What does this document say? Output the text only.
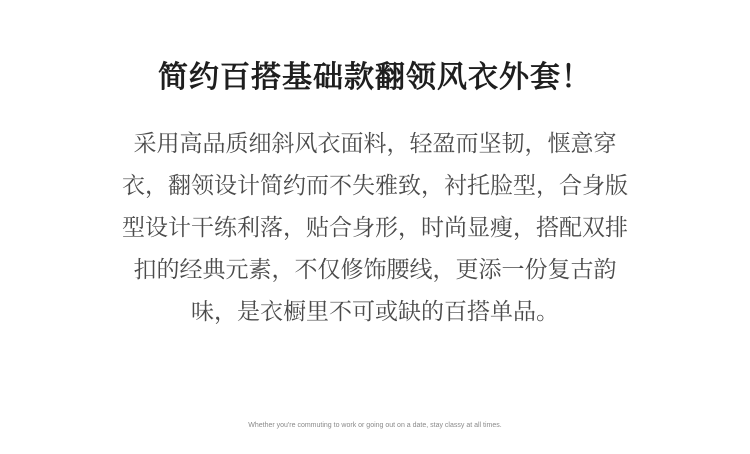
简约百搭基础款翻领风衣外套！

采用高品质细斜风衣面料，轻盈而坚韧，惬意穿
衣，翻领设计简约而不失雅致，衬托脸型，合身版
型设计干练利落，贴合身形，时尚显瘦，搭配双排
扣的经典元素，不仅修饰腰线，更添一份复古韵
味，是衣橱里不可或缺的百搭单品。

Whether you're commuting to work or going out on a date, stay classy at all times.
